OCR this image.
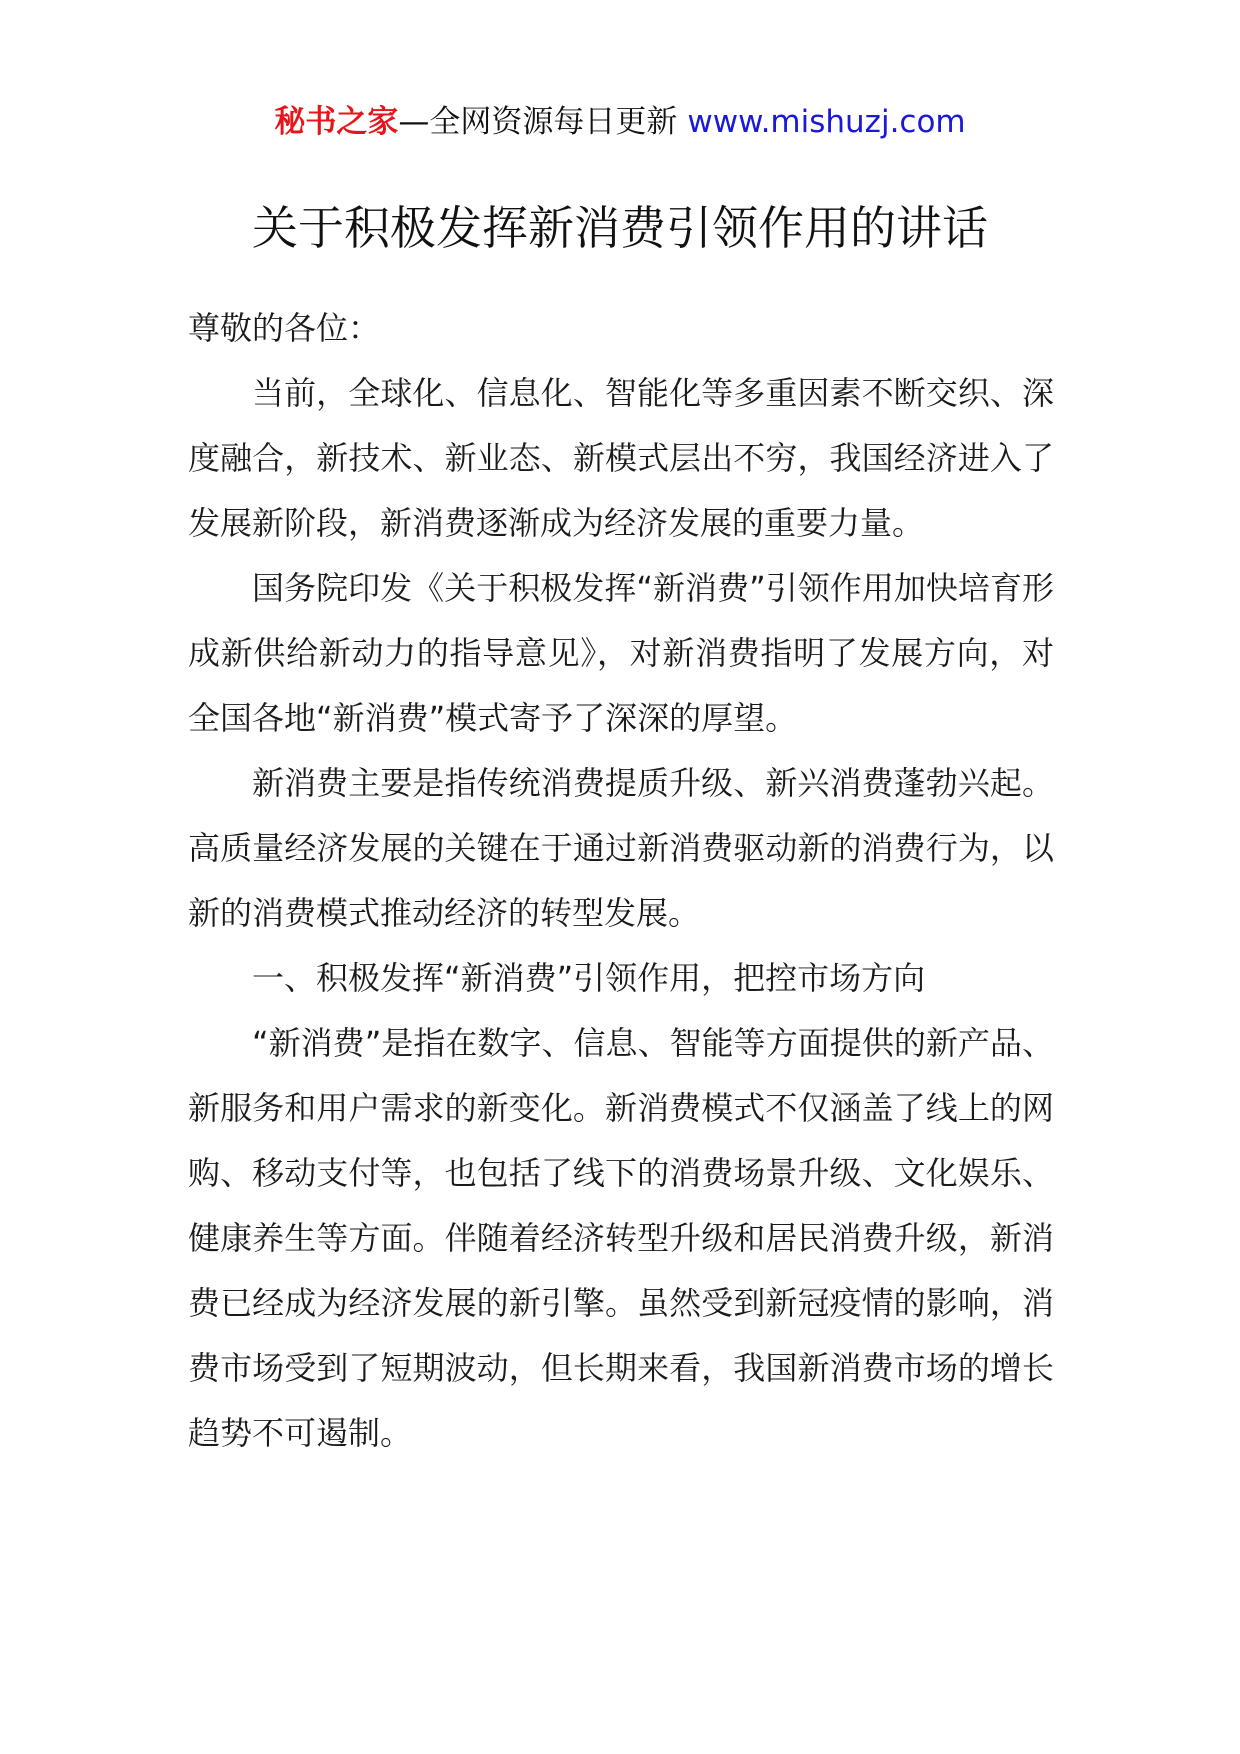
秘书之家—全网资源每日更新 www.mishuzj.com
关于积极发挥新消费引领作用的讲话

尊敬的各位：

当前，全球化、信息化、智能化等多重因素不断交织、深度融合，新技术、新业态、新模式层出不穷，我国经济进入了发展新阶段，新消费逐渐成为经济发展的重要力量。

国务院印发《关于积极发挥“新消费”引领作用加快培育形成新供给新动力的指导意见》，对新消费指明了发展方向，对全国各地“新消费”模式寄予了深深的厚望。

新消费主要是指传统消费提质升级、新兴消费蓬勃兴起。高质量经济发展的关键在于通过新消费驱动新的消费行为，以新的消费模式推动经济的转型发展。

一、积极发挥“新消费”引领作用，把控市场方向

“新消费”是指在数字、信息、智能等方面提供的新产品、新服务和用户需求的新变化。新消费模式不仅涵盖了线上的网购、移动支付等，也包括了线下的消费场景升级、文化娱乐、健康养生等方面。伴随着经济转型升级和居民消费升级，新消费已经成为经济发展的新引擎。虽然受到新冠疫情的影响，消费市场受到了短期波动，但长期来看，我国新消费市场的增长趋势不可遏制。
